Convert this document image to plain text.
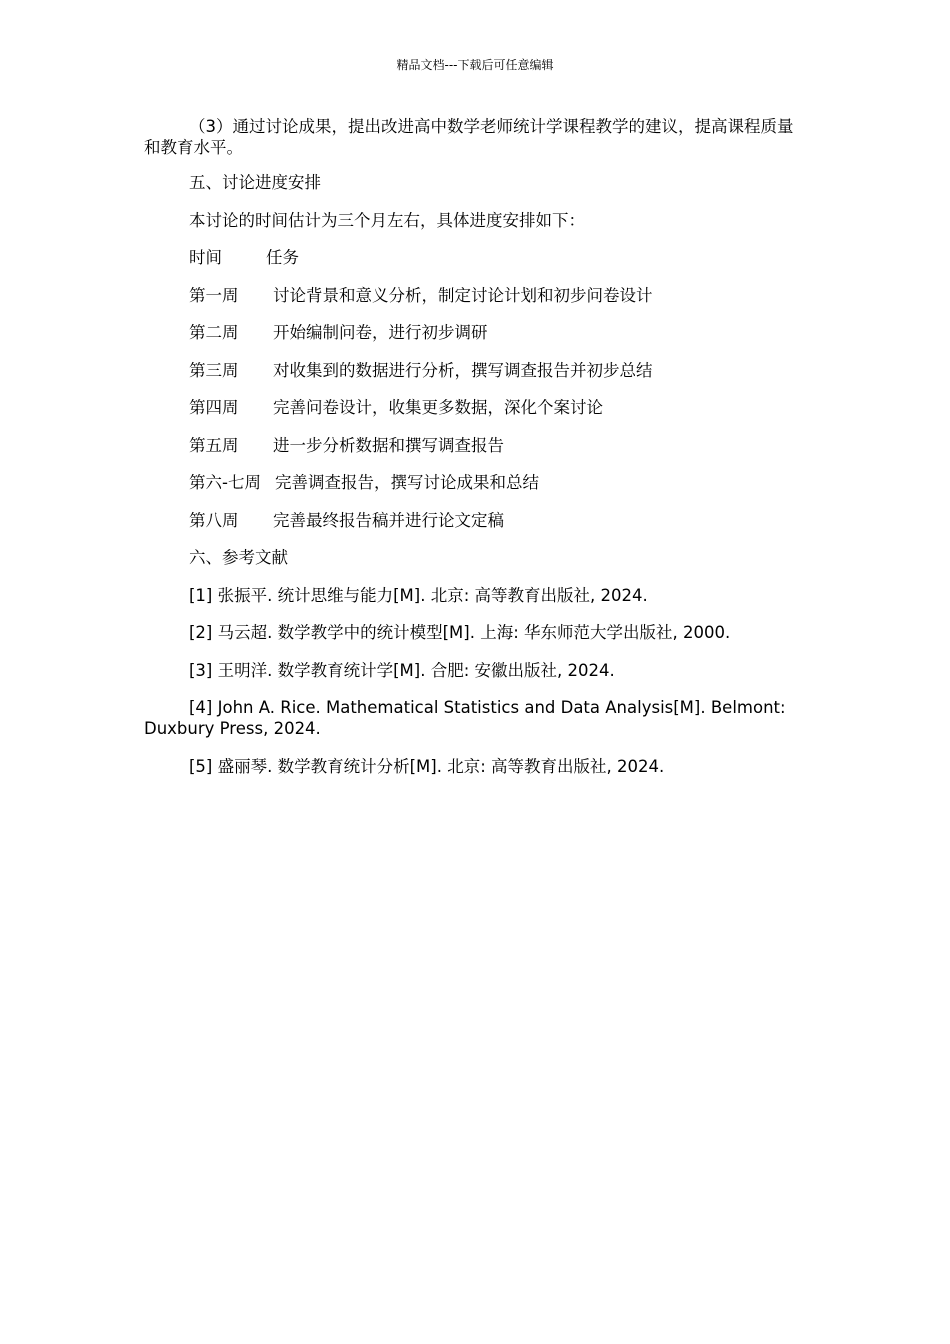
精品文档---下载后可任意编辑

（3）通过讨论成果，提出改进高中数学老师统计学课程教学的建议，提高课程质量和教育水平。

五、讨论进度安排

本讨论的时间估计为三个月左右，具体进度安排如下：

时间	任务
第一周	讨论背景和意义分析，制定讨论计划和初步问卷设计
第二周	开始编制问卷，进行初步调研
第三周	对收集到的数据进行分析，撰写调查报告并初步总结
第四周	完善问卷设计，收集更多数据，深化个案讨论
第五周	进一步分析数据和撰写调查报告
第六-七周 完善调查报告，撰写讨论成果和总结
第八周	完善最终报告稿并进行论文定稿

六、参考文献

[1] 张振平. 统计思维与能力[M]. 北京: 高等教育出版社, 2024.

[2] 马云超. 数学教学中的统计模型[M]. 上海: 华东师范大学出版社, 2000.

[3] 王明洋. 数学教育统计学[M]. 合肥: 安徽出版社, 2024.

[4] John A. Rice. Mathematical Statistics and Data Analysis[M]. Belmont: Duxbury Press, 2024.

[5] 盛丽琴. 数学教育统计分析[M]. 北京: 高等教育出版社, 2024.
